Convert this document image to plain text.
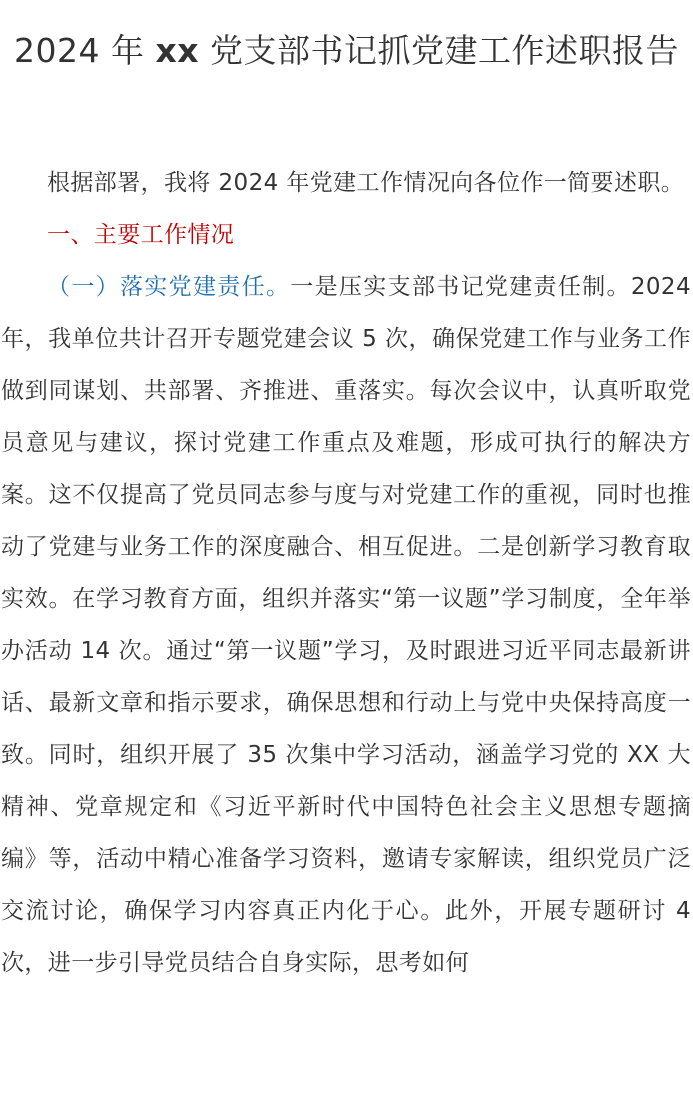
2024 年 xx 党支部书记抓党建工作述职报告

根据部署，我将 2024 年党建工作情况向各位作一简要述职。

一、主要工作情况

（一）落实党建责任。一是压实支部书记党建责任制。2024 年，我单位共计召开专题党建会议 5 次，确保党建工作与业务工作做到同谋划、共部署、齐推进、重落实。每次会议中，认真听取党员意见与建议，探讨党建工作重点及难题，形成可执行的解决方案。这不仅提高了党员同志参与度与对党建工作的重视，同时也推动了党建与业务工作的深度融合、相互促进。二是创新学习教育取实效。在学习教育方面，组织并落实“第一议题”学习制度，全年举办活动 14 次。通过“第一议题”学习，及时跟进习近平同志最新讲话、最新文章和指示要求，确保思想和行动上与党中央保持高度一致。同时，组织开展了 35 次集中学习活动，涵盖学习党的 XX 大精神、党章规定和《习近平新时代中国特色社会主义思想专题摘编》等，活动中精心准备学习资料，邀请专家解读，组织党员广泛交流讨论，确保学习内容真正内化于心。此外，开展专题研讨 4 次，进一步引导党员结合自身实际，思考如何
